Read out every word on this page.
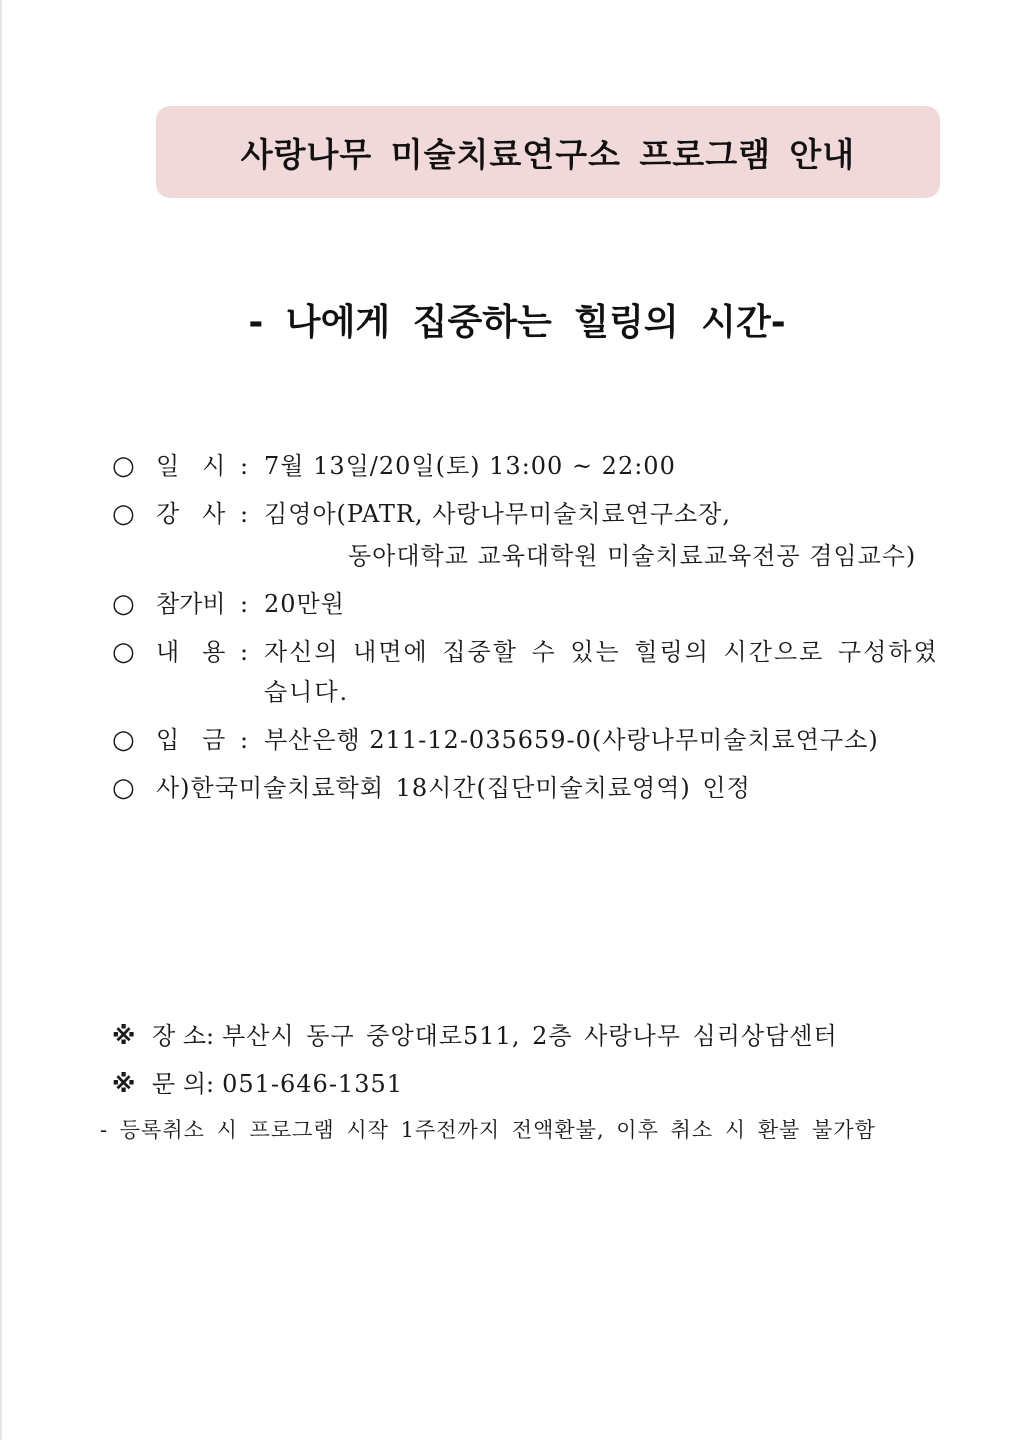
사랑나무 미술치료연구소 프로그램 안내
- 나에게 집중하는 힐링의 시간-
○ 일   시 : 7월 13일/20일(토) 13:00 ~ 22:00
○ 강   사 : 김영아(PATR, 사랑나무미술치료연구소장,
동아대학교 교육대학원 미술치료교육전공 겸임교수)
○ 참가비 : 20만원
○ 내   용 : 자신의 내면에 집중할 수 있는 힐링의 시간으로 구성하였습니다.
○ 입   금 : 부산은행 211-12-035659-0(사랑나무미술치료연구소)
○ 사)한국미술치료학회 18시간(집단미술치료영역) 인정
※ 장 소: 부산시 동구 중앙대로511, 2층 사랑나무 심리상담센터
※ 문 의: 051-646-1351
- 등록취소 시 프로그램 시작 1주전까지 전액환불, 이후 취소 시 환불 불가함
